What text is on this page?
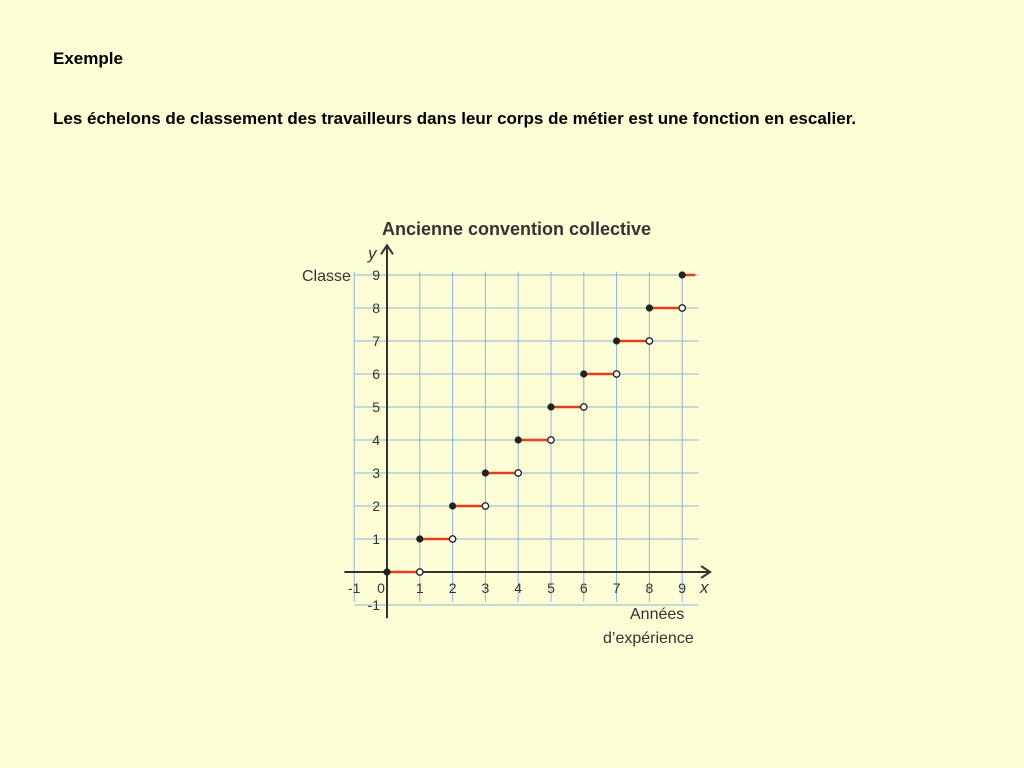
Exemple

Les échelons de classement des travailleurs dans leur corps de métier est une fonction en escalier.

-1 0 1 2 3 4 5 6 7 8 9
-1
1
2
3
4
5
6
7
8
9
Ancienne convention collective
Classe
y
x
Années
d’expérience
